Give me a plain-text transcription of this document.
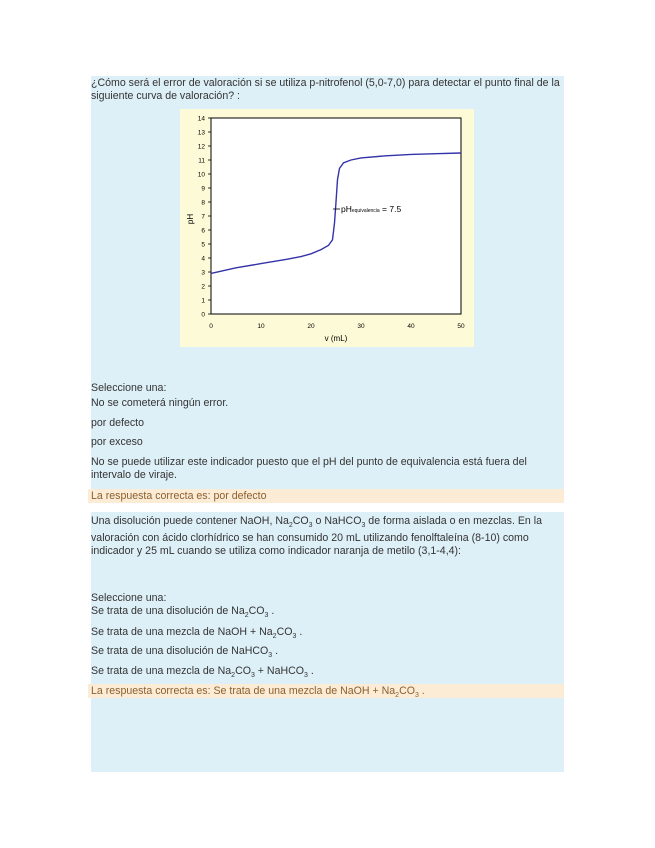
¿Cómo será el error de valoración si se utiliza p-nitrofenol (5,0-7,0) para detectar el punto final de la siguiente curva de valoración? :

0
1
2
3
4
5
6
7
8
9
10
11
12
13
14
0	10	20	30	40	50
pHequivalencia = 7.5
pH
v (mL)

Seleccione una:

No se cometerá ningún error.

por defecto

por exceso

No se puede utilizar este indicador puesto que el pH del punto de equivalencia está fuera del intervalo de viraje.

La respuesta correcta es: por defecto

Una disolución puede contener NaOH, $Na_2CO_3$ o NaHCO$_3$ de forma aislada o en mezclas. En la valoración con ácido clorhídrico se han consumido 20 mL utilizando fenolftaleína (8-10) como indicador y 25 mL cuando se utiliza como indicador naranja de metilo (3,1-4,4):

Seleccione una:

Se trata de una disolución de $Na_2CO_3$ .

Se trata de una mezcla de NaOH + $Na_2CO_3$ .

Se trata de una disolución de NaHCO$_3$ .

Se trata de una mezcla de $Na_2CO_3$ + NaHCO$_3$ .

La respuesta correcta es: Se trata de una mezcla de NaOH + $Na_2CO_3$ .
